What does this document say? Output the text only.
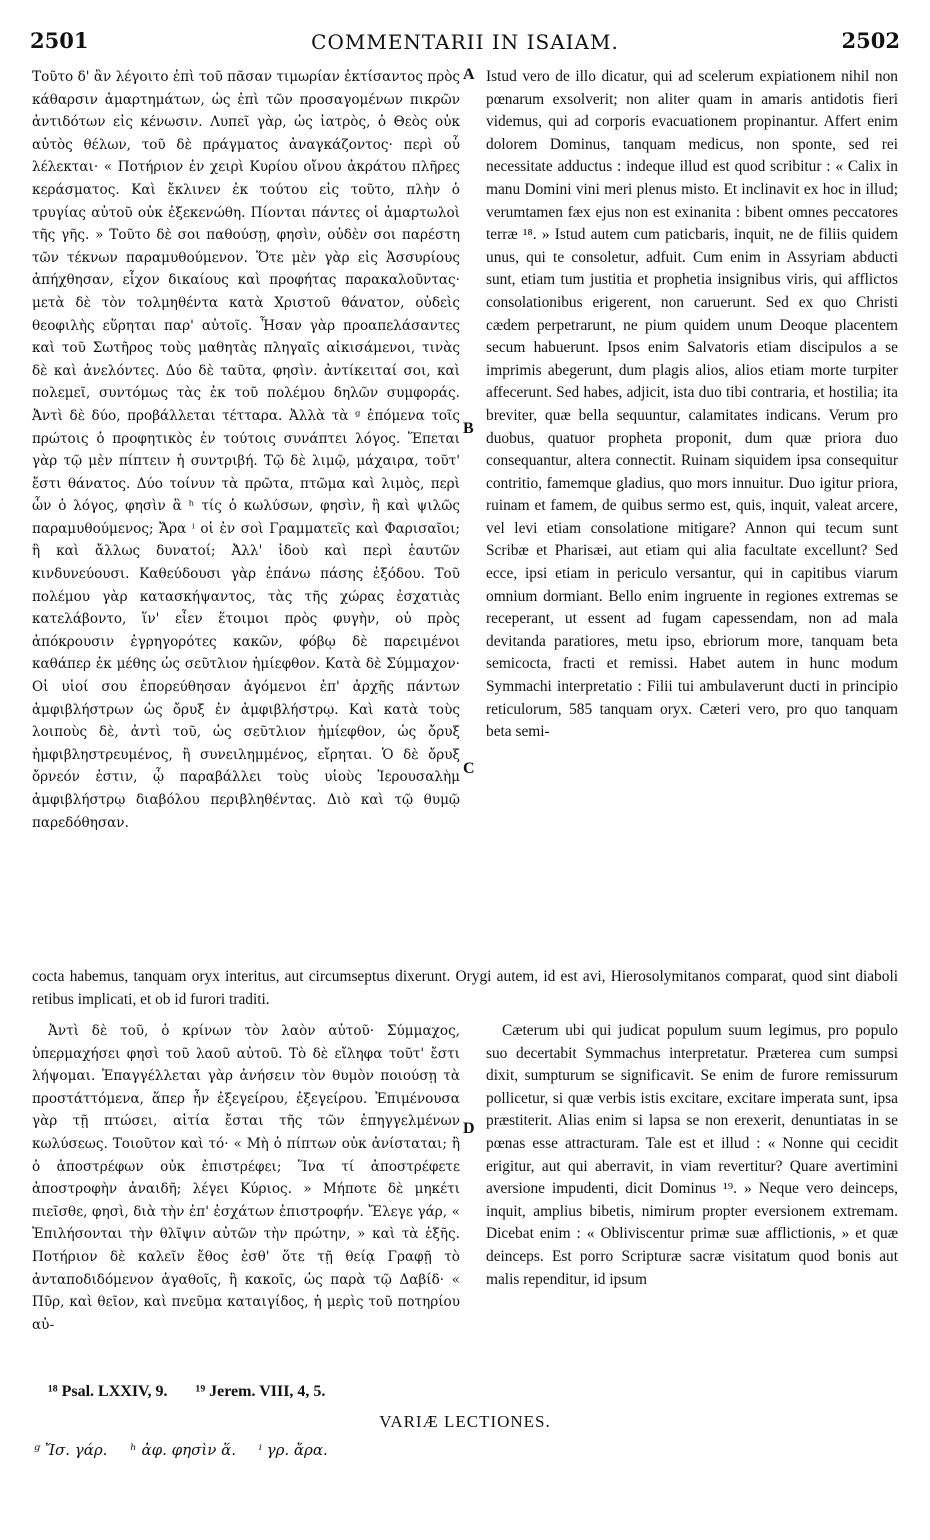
2501	COMMENTARII IN ISAIAM.	2502

Τοῦτο δ' ἂν λέγοιτο ἐπὶ τοῦ πᾶσαν τιμωρίαν ἐκτίσαντος πρὸς κάθαρσιν ἁμαρτημάτων, ὡς ἐπὶ τῶν προσαγομένων πικρῶν ἀντιδότων εἰς κένωσιν. Λυπεῖ γὰρ, ὡς ἰατρὸς, ὁ Θεὸς οὐκ αὐτὸς θέλων, τοῦ δὲ πράγματος ἀναγκάζοντος· περὶ οὗ λέλεκται· « Ποτήριον ἐν χειρὶ Κυρίου οἴνου ἀκράτου πλῆρες κεράσματος. Καὶ ἔκλινεν ἐκ τούτου εἰς τοῦτο, πλὴν ὁ τρυγίας αὐτοῦ οὐκ ἐξεκενώθη. Πίονται πάντες οἱ ἁμαρτωλοὶ τῆς γῆς. » Τοῦτο δὲ σοι παθούσῃ, φησὶν, οὐδὲν σοι παρέστη τῶν τέκνων παραμυθούμενον. Ὅτε μὲν γὰρ εἰς Ἀσσυρίους ἀπήχθησαν, εἶχον δικαίους καὶ προφήτας παρακαλοῦντας· μετὰ δὲ τὸν τολμηθέντα κατὰ Χριστοῦ θάνατον, οὐδεὶς θεοφιλὴς εὕρηται παρ' αὐτοῖς. Ἦσαν γὰρ προαπελάσαντες καὶ τοῦ Σωτῆρος τοὺς μαθητὰς πληγαῖς αἰκισάμενοι, τινὰς δὲ καὶ ἀνελόντες. Δύο δὲ ταῦτα, φησὶν. ἀντίκειταί σοι, καὶ πολεμεῖ, συντόμως τὰς ἐκ τοῦ πολέμου δηλῶν συμφοράς. Ἀντὶ δὲ δύο, προβάλλεται τέτταρα. Ἀλλὰ τὰ ᵍ ἑπόμενα τοῖς πρώτοις ὁ προφητικὸς ἐν τούτοις συνάπτει λόγος. Ἕπεται γὰρ τῷ μὲν πίπτειν ἡ συντριβή. Τῷ δὲ λιμῷ, μάχαιρα, τοῦτ' ἔστι θάνατος. Δύο τοίνυν τὰ πρῶτα, πτῶμα καὶ λιμὸς, περὶ ὧν ὁ λόγος, φησὶν ἃ ʰ τίς ὁ κωλύσων, φησὶν, ἢ καὶ ψιλῶς παραμυθούμενος; Ἄρα ⁱ οἱ ἐν σοὶ Γραμματεῖς καὶ Φαρισαῖοι; ἢ καὶ ἄλλως δυνατοί; Ἀλλ' ἰδοὺ καὶ περὶ ἑαυτῶν κινδυνεύουσι. Καθεύδουσι γὰρ ἐπάνω πάσης ἐξόδου. Τοῦ πολέμου γὰρ κατασκήψαντος, τὰς τῆς χώρας ἐσχατιὰς κατελάβοντο, ἵν' εἶεν ἕτοιμοι πρὸς φυγὴν, οὐ πρὸς ἀπόκρουσιν ἐγρηγορότες κακῶν, φόβῳ δὲ παρειμένοι καθάπερ ἐκ μέθης ὡς σεῦτλιον ἡμίεφθον. Κατὰ δὲ Σύμμαχον· Οἱ υἱοί σου ἐπορεύθησαν ἀγόμενοι ἐπ' ἀρχῆς πάντων ἀμφιβλήστρων ὡς ὄρυξ ἐν ἀμφιβλήστρῳ. Καὶ κατὰ τοὺς λοιποὺς δὲ, ἀντὶ τοῦ, ὡς σεῦτλιον ἡμίεφθον, ὡς ὄρυξ ἠμφιβληστρευμένος, ἢ συνειλημμένος, εἴρηται. Ὁ δὲ ὄρυξ ὄρνεόν ἐστιν, ᾧ παραβάλλει τοὺς υἱοὺς Ἱερουσαλὴμ ἀμφιβλήστρῳ διαβόλου περιβληθέντας. Διὸ καὶ τῷ θυμῷ παρεδόθησαν.

Istud vero de illo dicatur, qui ad scelerum expiationem nihil non pœnarum exsolverit; non aliter quam in amaris antidotis fieri videmus, qui ad corporis evacuationem propinantur. Affert enim dolorem Dominus, tanquam medicus, non sponte, sed rei necessitate adductus : indeque illud est quod scribitur : « Calix in manu Domini vini meri plenus misto. Et inclinavit ex hoc in illud; verumtamen fæx ejus non est exinanita : bibent omnes peccatores terræ ¹⁸. » Istud autem cum paticbaris, inquit, ne de filiis quidem unus, qui te consoletur, adfuit. Cum enim in Assyriam abducti sunt, etiam tum justitia et prophetia insignibus viris, qui afflictos consolationibus erigerent, non caruerunt. Sed ex quo Christi cædem perpetrarunt, ne pium quidem unum Deoque placentem secum habuerunt. Ipsos enim Salvatoris etiam discipulos a se imprimis abegerunt, dum plagis alios, alios etiam morte turpiter affecerunt. Sed habes, adjicit, ista duo tibi contraria, et hostilia; ita breviter, quæ bella sequuntur, calamitates indicans. Verum pro duobus, quatuor propheta proponit, dum quæ priora duo consequantur, altera connectit. Ruinam siquidem ipsa consequitur contritio, famemque gladius, quo mors innuitur. Duo igitur priora, ruinam et famem, de quibus sermo est, quis, inquit, valeat arcere, vel levi etiam consolatione mitigare? Annon qui tecum sunt Scribæ et Pharisæi, aut etiam qui alia facultate excellunt? Sed ecce, ipsi etiam in periculo versantur, qui in capitibus viarum omnium dormiant. Bello enim ingruente in regiones extremas se receperant, ut essent ad fugam capessendam, non ad mala devitanda paratiores, metu ipso, ebriorum more, tanquam beta semicocta, fracti et remissi. Habet autem in hunc modum Symmachi interpretatio : Filii tui ambulaverunt ducti in principio reticulorum, 585 tanquam oryx. Cæteri vero, pro quo tanquam beta semi-

A
B
C
D

cocta habemus, tanquam oryx interitus, aut circumseptus dixerunt. Orygi autem, id est avi, Hierosolymitanos comparat, quod sint diaboli retibus implicati, et ob id furori traditi.

Ἀντὶ δὲ τοῦ, ὁ κρίνων τὸν λαὸν αὐτοῦ· Σύμμαχος, ὑπερμαχήσει φησὶ τοῦ λαοῦ αὐτοῦ. Τὸ δὲ εἴληφα τοῦτ' ἔστι λήψομαι. Ἐπαγγέλλεται γὰρ ἀνήσειν τὸν θυμὸν ποιούσῃ τὰ προστάττόμενα, ἅπερ ἦν ἐξεγείρου, ἐξεγείρου. Ἐπιμένουσα γὰρ τῇ πτώσει, αἰτία ἔσται τῆς τῶν ἐπηγγελμένων κωλύσεως. Τοιοῦτον καὶ τό· « Μὴ ὁ πίπτων οὐκ ἀνίσταται; ἢ ὁ ἀποστρέφων οὐκ ἐπιστρέφει; Ἵνα τί ἀποστρέφετε ἀποστροφὴν ἀναιδῆ; λέγει Κύριος. » Μήποτε δὲ μηκέτι πιεῖσθε, φησὶ, διὰ τὴν ἐπ' ἐσχάτων ἐπιστροφήν. Ἔλεγε γάρ, « Ἐπιλήσονται τὴν θλῖψιν αὐτῶν τὴν πρώτην, » καὶ τὰ ἑξῆς. Ποτήριον δὲ καλεῖν ἔθος ἐσθ' ὅτε τῇ θείᾳ Γραφῇ τὸ ἀνταποδιδόμενον ἀγαθοῖς, ἢ κακοῖς, ὡς παρὰ τῷ Δαβίδ· « Πῦρ, καὶ θεῖον, καὶ πνεῦμα καταιγίδος, ἡ μερὶς τοῦ ποτηρίου αὐ-

Cæterum ubi qui judicat populum suum legimus, pro populo suo decertabit Symmachus interpretatur. Præterea cum sumpsi dixit, sumpturum se significavit. Se enim de furore remissurum pollicetur, si quæ verbis istis excitare, excitare imperata sunt, ipsa præstiterit. Alias enim si lapsa se non erexerit, denuntiatas in se pœnas esse attracturam. Tale est et illud : « Nonne qui cecidit erigitur, aut qui aberravit, in viam revertitur? Quare avertimini aversione impudenti, dicit Dominus ¹⁹. » Neque vero deinceps, inquit, amplius bibetis, nimirum propter eversionem extremam. Dicebat enim : « Obliviscentur primæ suæ afflictionis, » et quæ deinceps. Est porro Scripturæ sacræ visitatum quod bonis aut malis rependitur, id ipsum

¹⁸ Psal. LXXIV, 9. ¹⁹ Jerem. VIII, 4, 5.
VARIÆ LECTIONES.
ᵍ Ἴσ. γάρ. ʰ ἀφ. φησὶν ἅ. ⁱ γρ. ἄρα.
